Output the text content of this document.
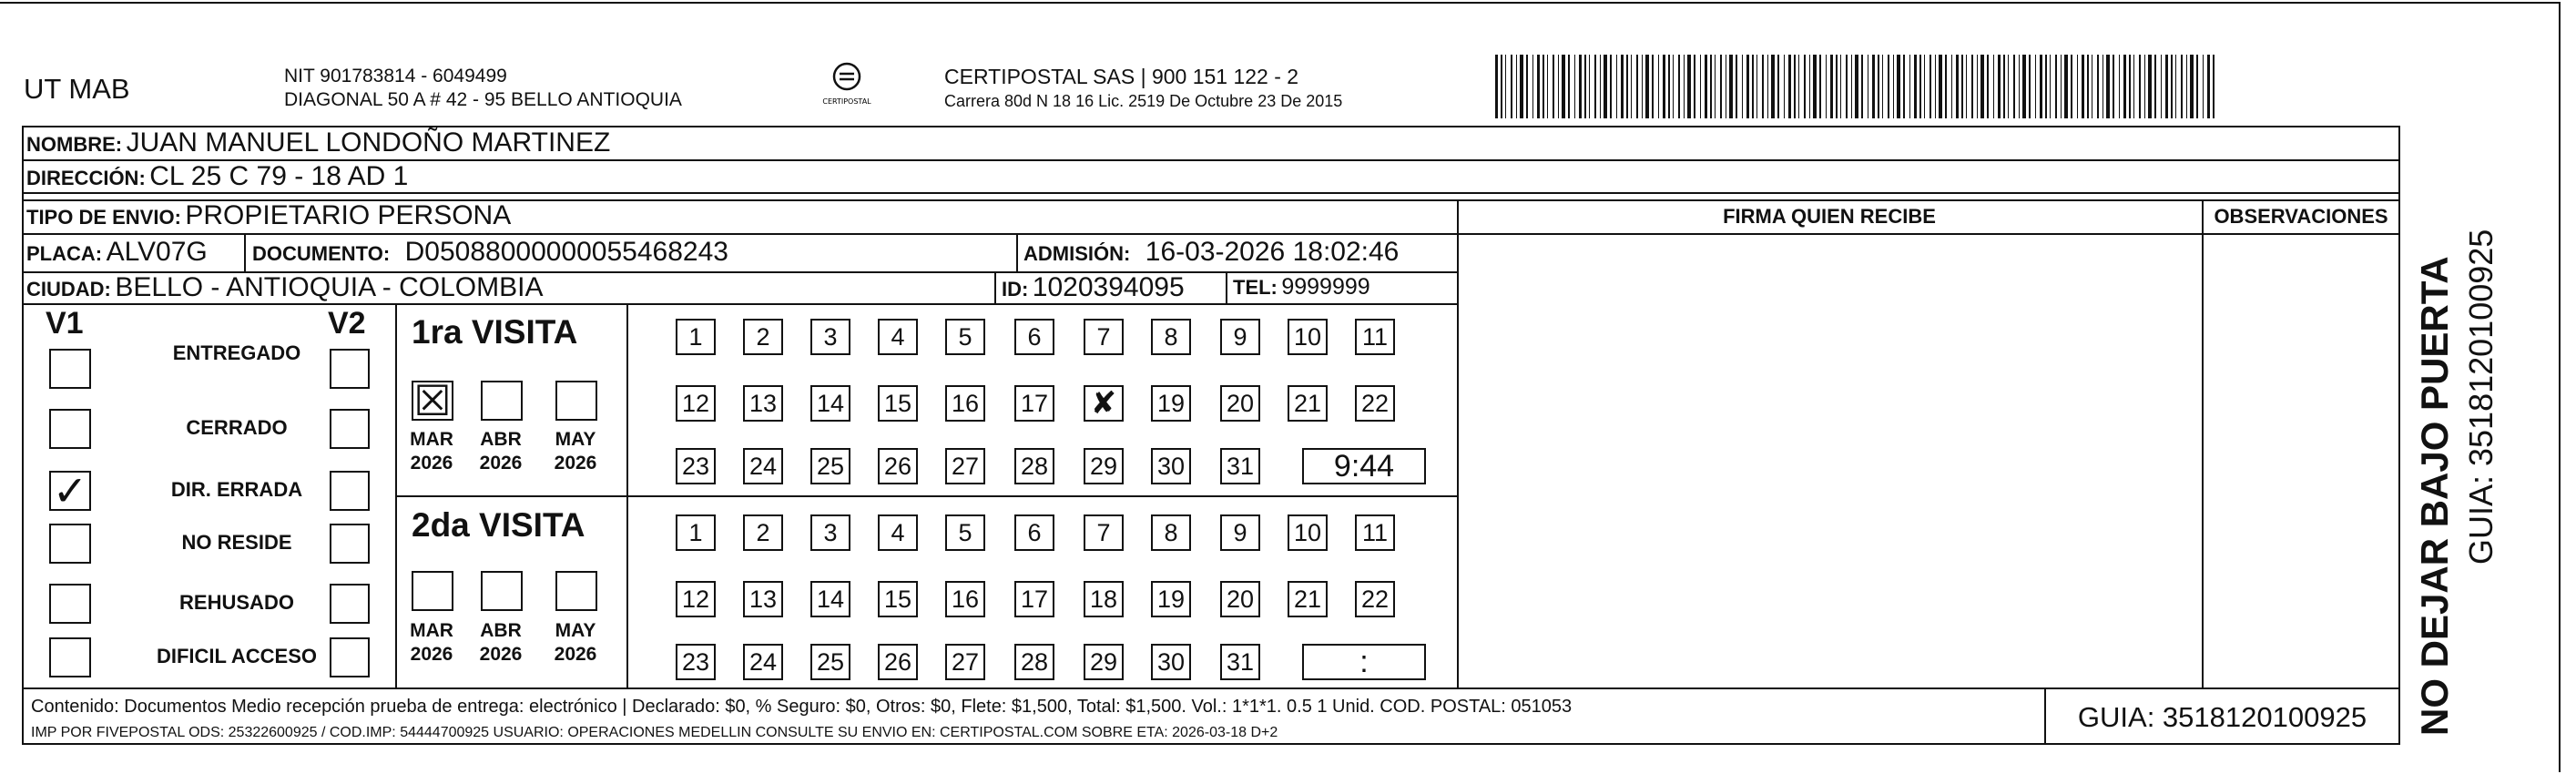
UT MAB	NIT 901783814 - 6049499
DIAGONAL 50 A # 42 - 95 BELLO ANTIOQUIA	CERTIPOSTAL
CERTIPOSTAL SAS | 900 151 122 - 2
Carrera 80d N 18 16 Lic. 2519 De Octubre 23 De 2015
NOMBRE: JUAN MANUEL LONDOÑO MARTINEZ
DIRECCIÓN: CL 25 C 79 - 18 AD 1
TIPO DE ENVIO: PROPIETARIO PERSONA
PLACA: ALV07G DOCUMENTO: D05088000000055468243	ADMISIÓN: 16-03-2026 18:02:46
CIUDAD: BELLO - ANTIOQUIA - COLOMBIA	ID: 1020394095 TEL: 9999999
FIRMA QUIEN RECIBE	OBSERVACIONES
V1	V2
ENTREGADO
CERRADO
✓	DIR. ERRADA
NO RESIDE
REHUSADO
DIFICIL ACCESO
1ra VISITA
☒
MAR
2026
ABR
2026
MAY
2026
1	2	3	4	5	6	7	8	9	10 11
12 13 14 15 16 17 ✘ 19 20 21 22
23 24 25 26 27 28 29 30 31	9:44
2da VISITA
MAR
2026
ABR
2026
MAY
2026
1	2	3	4	5	6	7	8	9	10 11
12 13 14 15 16 17 18 19 20 21 22
23 24 25 26 27 28 29 30 31	:
Contenido: Documentos Medio recepción prueba de entrega: electrónico | Declarado: $0, % Seguro: $0, Otros: $0, Flete: $1,500, Total: $1,500. Vol.: 1*1*1. 0.5 1 Unid. COD. POSTAL: 051053
IMP POR FIVEPOSTAL ODS: 25322600925 / COD.IMP: 54444700925 USUARIO: OPERACIONES MEDELLIN CONSULTE SU ENVIO EN: CERTIPOSTAL.COM SOBRE ETA: 2026-03-18 D+2	GUIA: 3518120100925	NO DEJAR BAJO PUERTA GUIA: 3518120100925
